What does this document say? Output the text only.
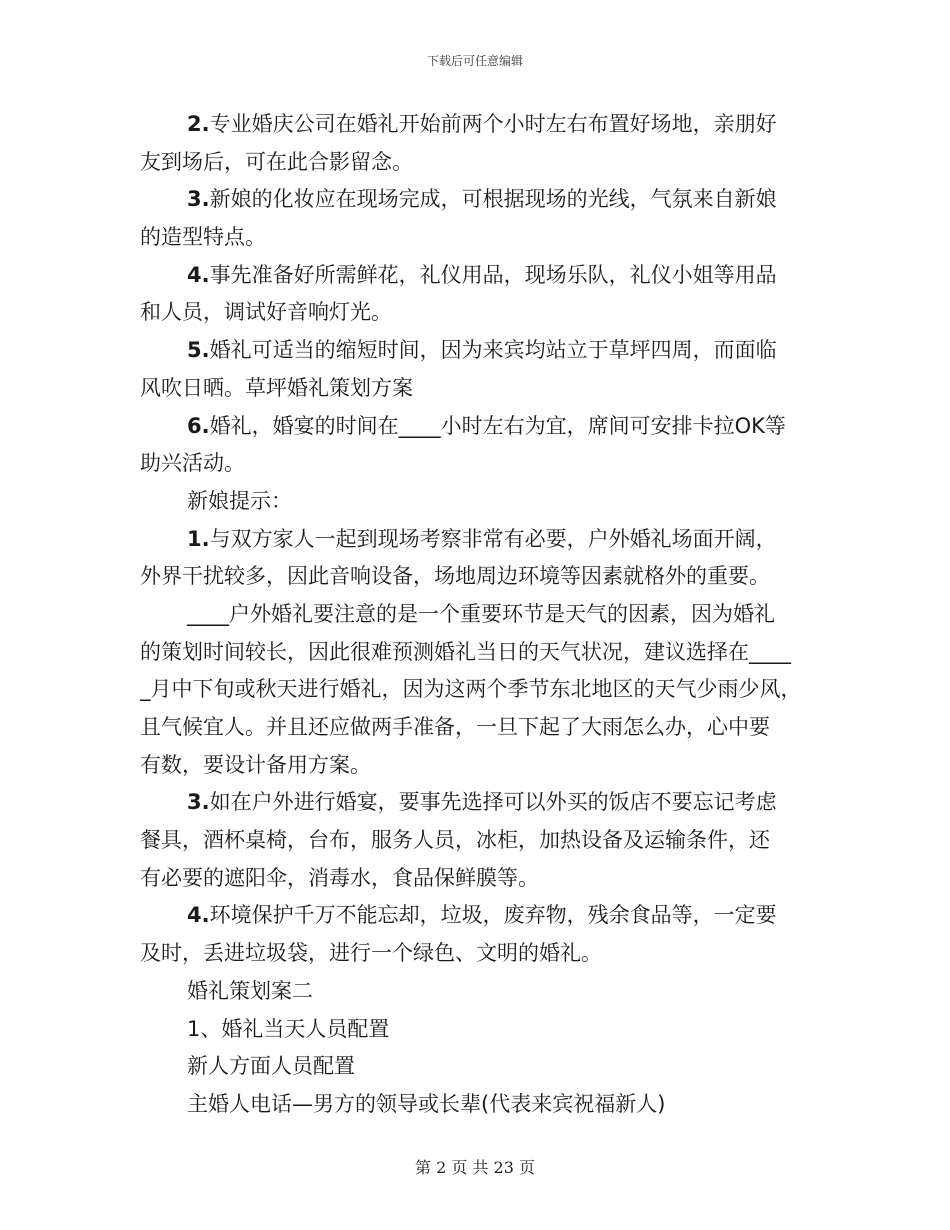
下载后可任意编辑
2.专业婚庆公司在婚礼开始前两个小时左右布置好场地，亲朋好
友到场后，可在此合影留念。
3.新娘的化妆应在现场完成，可根据现场的光线，气氛来自新娘
的造型特点。
4.事先准备好所需鲜花，礼仪用品，现场乐队，礼仪小姐等用品
和人员，调试好音响灯光。
5.婚礼可适当的缩短时间，因为来宾均站立于草坪四周，而面临
风吹日晒。草坪婚礼策划方案
6.婚礼，婚宴的时间在____小时左右为宜，席间可安排卡拉OK等
助兴活动。
新娘提示：
1.与双方家人一起到现场考察非常有必要，户外婚礼场面开阔，
外界干扰较多，因此音响设备，场地周边环境等因素就格外的重要。
____户外婚礼要注意的是一个重要环节是天气的因素，因为婚礼
的策划时间较长，因此很难预测婚礼当日的天气状况，建议选择在____
_月中下旬或秋天进行婚礼，因为这两个季节东北地区的天气少雨少风，
且气候宜人。并且还应做两手准备，一旦下起了大雨怎么办，心中要
有数，要设计备用方案。
3.如在户外进行婚宴，要事先选择可以外买的饭店不要忘记考虑
餐具，酒杯桌椅，台布，服务人员，冰柜，加热设备及运输条件，还
有必要的遮阳伞，消毒水，食品保鲜膜等。
4.环境保护千万不能忘却，垃圾，废弃物，残余食品等，一定要
及时，丢进垃圾袋，进行一个绿色、文明的婚礼。
婚礼策划案二
1、婚礼当天人员配置
新人方面人员配置
主婚人电话—男方的领导或长辈(代表来宾祝福新人)
第 2 页 共 23 页
